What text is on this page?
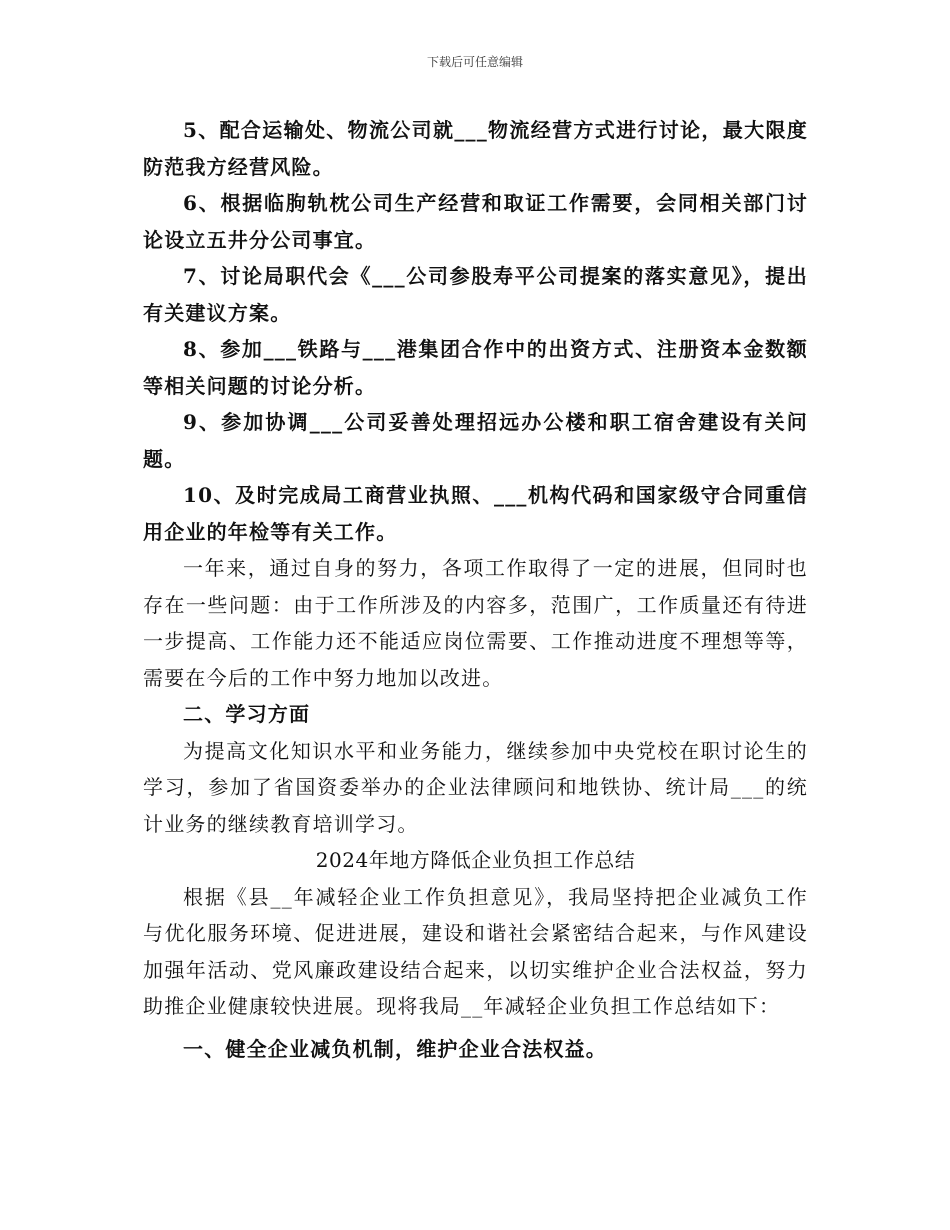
下载后可任意编辑

5、配合运输处、物流公司就___物流经营方式进行讨论，最大限度防范我方经营风险。

6、根据临朐轨枕公司生产经营和取证工作需要，会同相关部门讨论设立五井分公司事宜。

7、讨论局职代会《___公司参股寿平公司提案的落实意见》，提出有关建议方案。

8、参加___铁路与___港集团合作中的出资方式、注册资本金数额等相关问题的讨论分析。

9、参加协调___公司妥善处理招远办公楼和职工宿舍建设有关问题。

10、及时完成局工商营业执照、___机构代码和国家级守合同重信用企业的年检等有关工作。

一年来，通过自身的努力，各项工作取得了一定的进展，但同时也存在一些问题：由于工作所涉及的内容多，范围广，工作质量还有待进一步提高、工作能力还不能适应岗位需要、工作推动进度不理想等等，需要在今后的工作中努力地加以改进。

二、学习方面

为提高文化知识水平和业务能力，继续参加中央党校在职讨论生的学习，参加了省国资委举办的企业法律顾问和地铁协、统计局___的统计业务的继续教育培训学习。

2024年地方降低企业负担工作总结

根据《县__年减轻企业工作负担意见》，我局坚持把企业减负工作与优化服务环境、促进进展，建设和谐社会紧密结合起来，与作风建设加强年活动、党风廉政建设结合起来，以切实维护企业合法权益，努力助推企业健康较快进展。现将我局__年减轻企业负担工作总结如下：

一、健全企业减负机制，维护企业合法权益。
